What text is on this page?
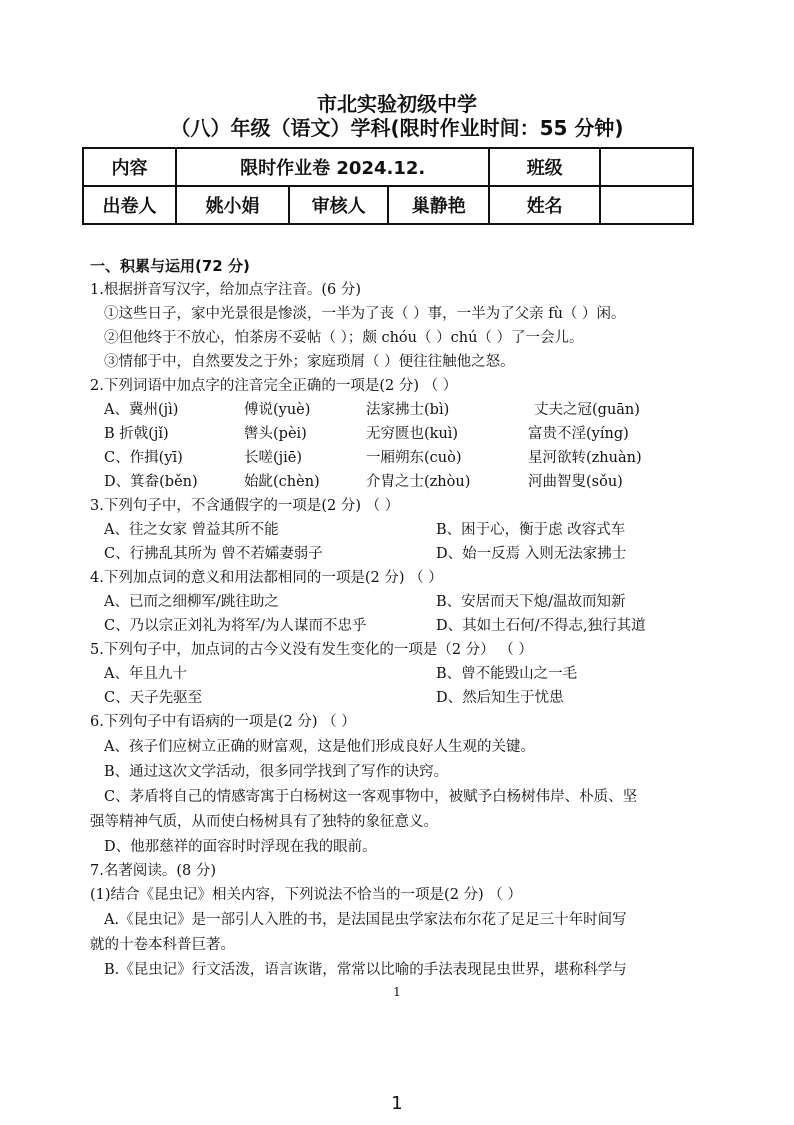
市北实验初级中学
（八）年级（语文）学科(限时作业时间：55 分钟)
内容	限时作业卷 2024.12.			班级	
出卷人	姚小娟	审核人	巢静艳	姓名	
一、积累与运用(72 分)
1.根据拼音写汉字，给加点字注音。(6 分)
①这些日子，家中光景很是惨淡，一半为了丧（ ）事，一半为了父亲 fù（ ）闲。
②但他终于不放心，怕茶房不妥帖（ ）；颇 chóu（ ）chú（ ）了一会儿。
③情郁于中，自然要发之于外；家庭琐屑（ ）便往往触他之怒。
2.下列词语中加点字的注音完全正确的一项是(2 分) （ ）
A、冀州(jì)	傅说(yuè)	法家拂士(bì)	丈夫之冠(guān)
B 折戟(jǐ)	辔头(pèi)	无穷匮也(kuì)	富贵不淫(yíng)
C、作揖(yī)	长嗟(jiē)	一厢朔东(cuò)	星河欲转(zhuàn)
D、箕畚(běn)	始龀(chèn)	介胄之士(zhòu)	河曲智叟(sǒu)
3.下列句子中，不含通假字的一项是(2 分) （ ）
A、往之女家 曾益其所不能	B、困于心，衡于虑 改容式车
C、行拂乱其所为 曾不若孀妻弱子	D、始一反焉 入则无法家拂士
4.下列加点词的意义和用法都相同的一项是(2 分) （ ）
A、已而之细柳军/跳往助之	B、安居而天下熄/温故而知新
C、乃以宗正刘礼为将军/为人谋而不忠乎	D、其如土石何/不得志,独行其道
5.下列句子中，加点词的古今义没有发生变化的一项是（2 分） （ ）
A、年且九十	B、曾不能毁山之一毛
C、天子先驱至	D、然后知生于忧患
6.下列句子中有语病的一项是(2 分) （ ）
A、孩子们应树立正确的财富观，这是他们形成良好人生观的关键。
B、通过这次文学活动，很多同学找到了写作的诀窍。
C、茅盾将自己的情感寄寓于白杨树这一客观事物中，被赋予白杨树伟岸、朴质、坚
强等精神气质，从而使白杨树具有了独特的象征意义。
D、他那慈祥的面容时时浮现在我的眼前。
7.名著阅读。(8 分)
(1)结合《昆虫记》相关内容，下列说法不恰当的一项是(2 分) （ ）
A.《昆虫记》是一部引人入胜的书，是法国昆虫学家法布尔花了足足三十年时间写
就的十卷本科普巨著。
B.《昆虫记》行文活泼，语言诙谐，常常以比喻的手法表现昆虫世界，堪称科学与
1
1
